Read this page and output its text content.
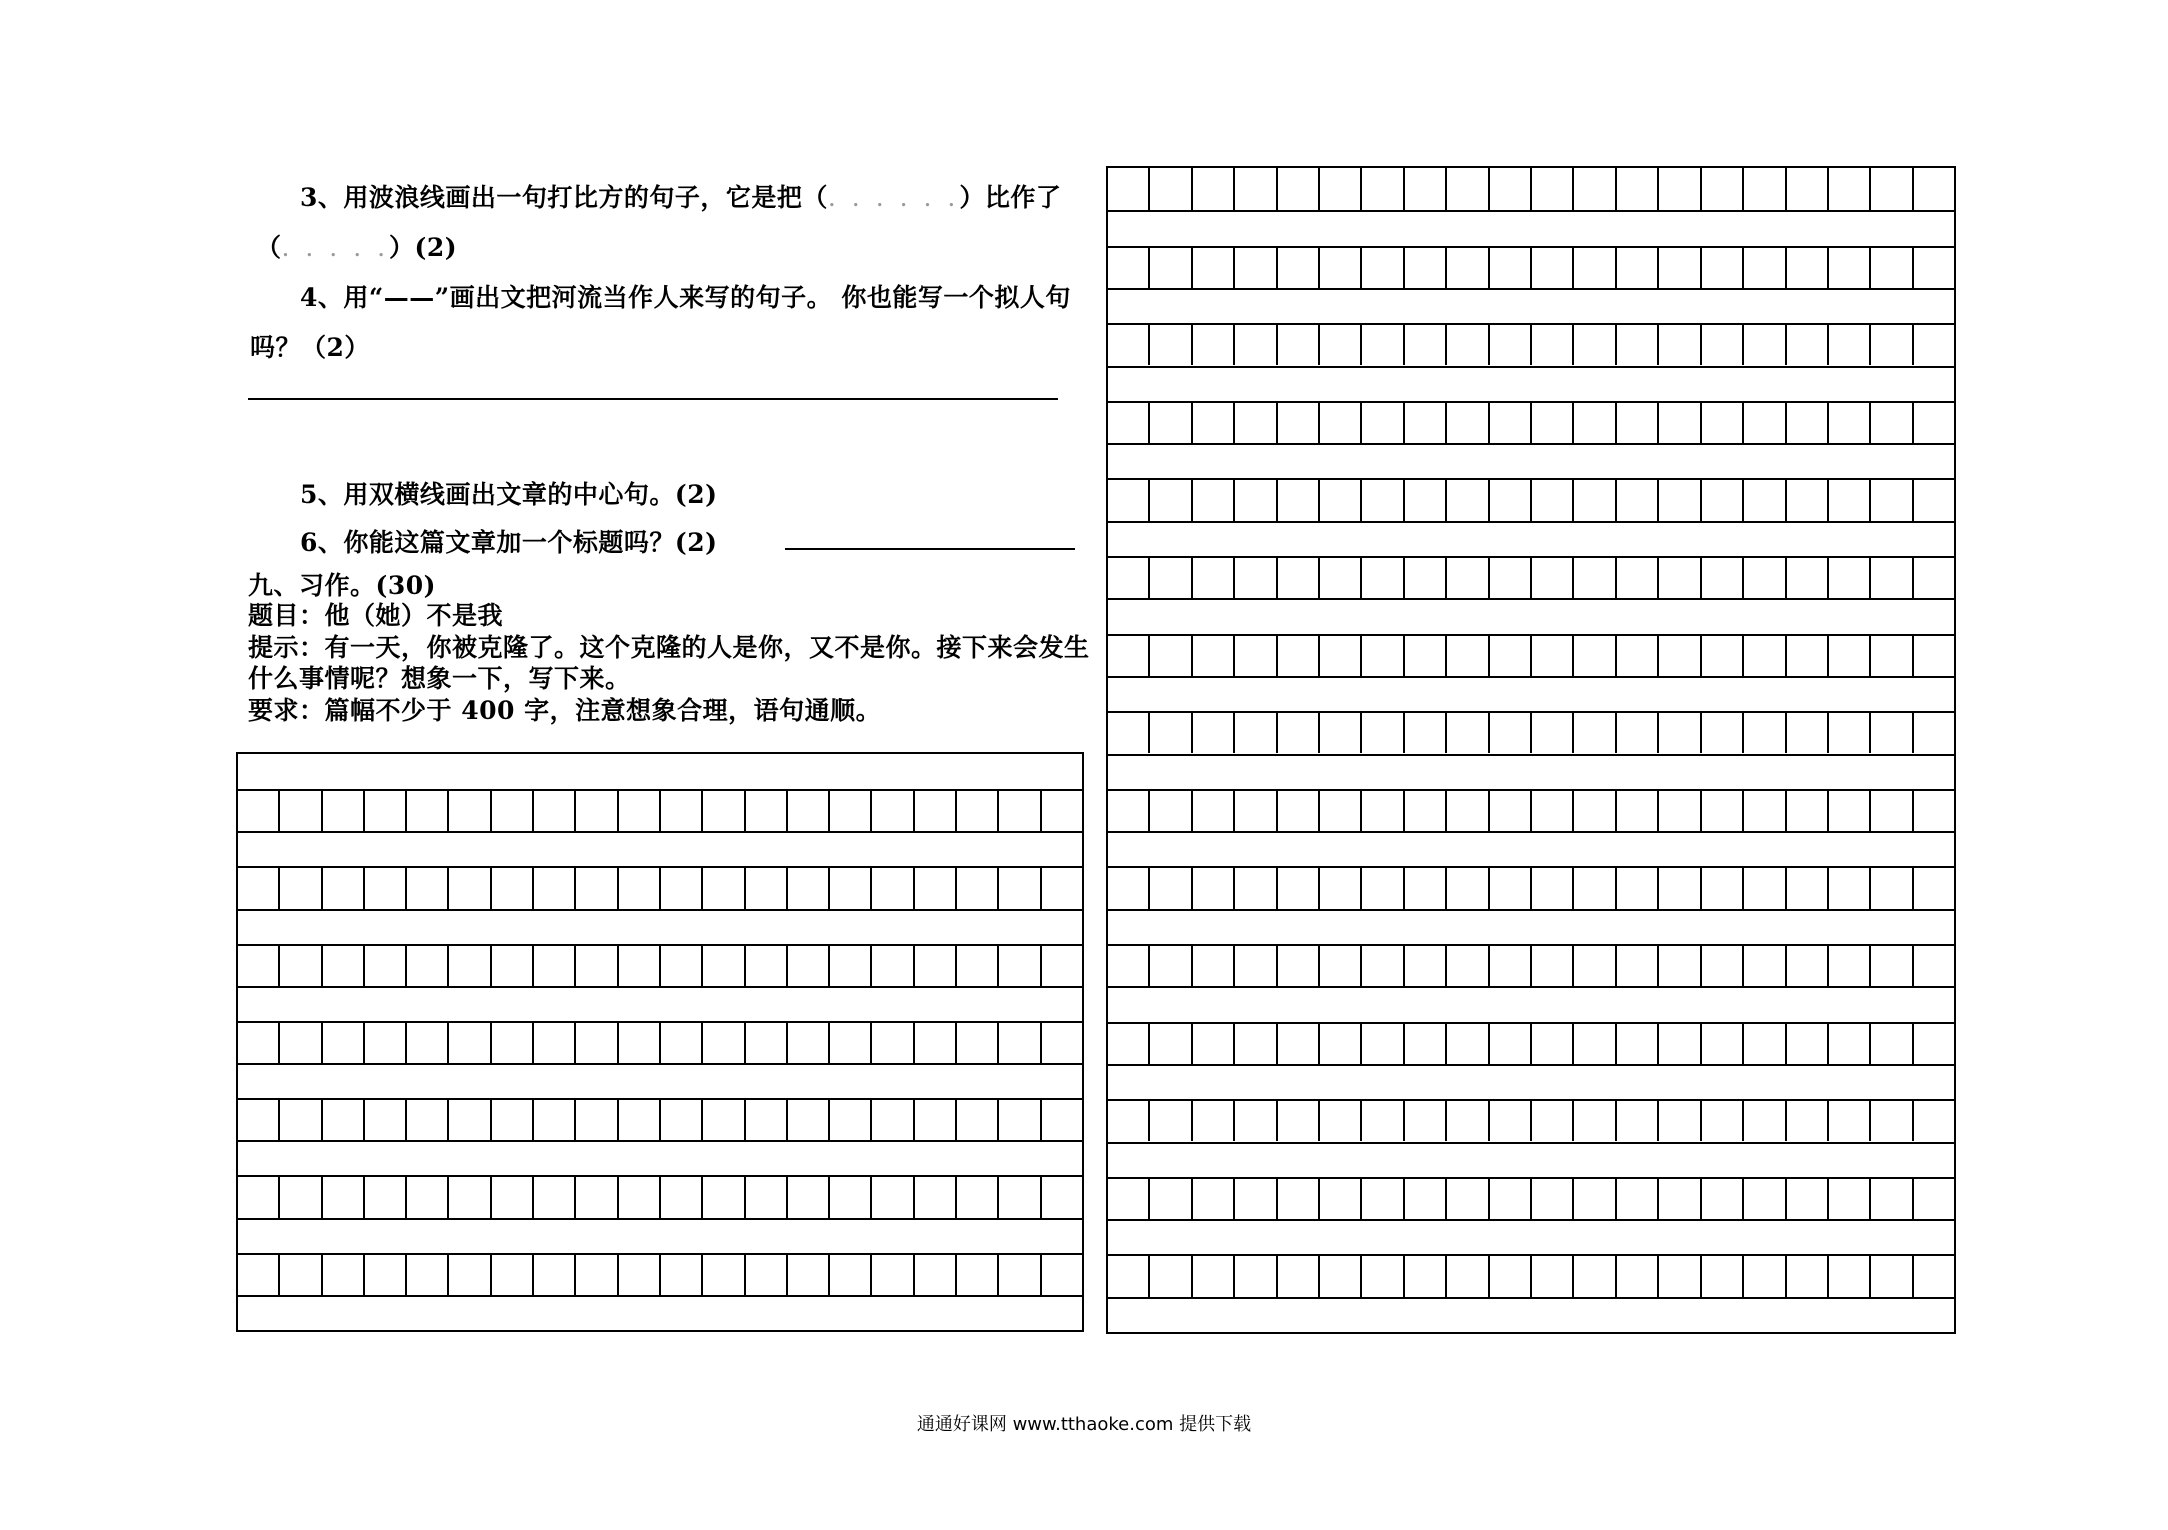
3、用波浪线画出一句打比方的句子，它是把（. . . . . .）比作了
（. . . . .）(2)
4、用“——”画出文把河流当作人来写的句子。 你也能写一个拟人句
吗？（2）
5、用双横线画出文章的中心句。(2)
6、你能这篇文章加一个标题吗？(2)
九、习作。(30)
题目：他（她）不是我
提示：有一天，你被克隆了。这个克隆的人是你，又不是你。接下来会发生
什么事情呢？想象一下，写下来。
要求：篇幅不少于 400 字，注意想象合理，语句通顺。
通通好课网 www.tthaoke.com 提供下载
